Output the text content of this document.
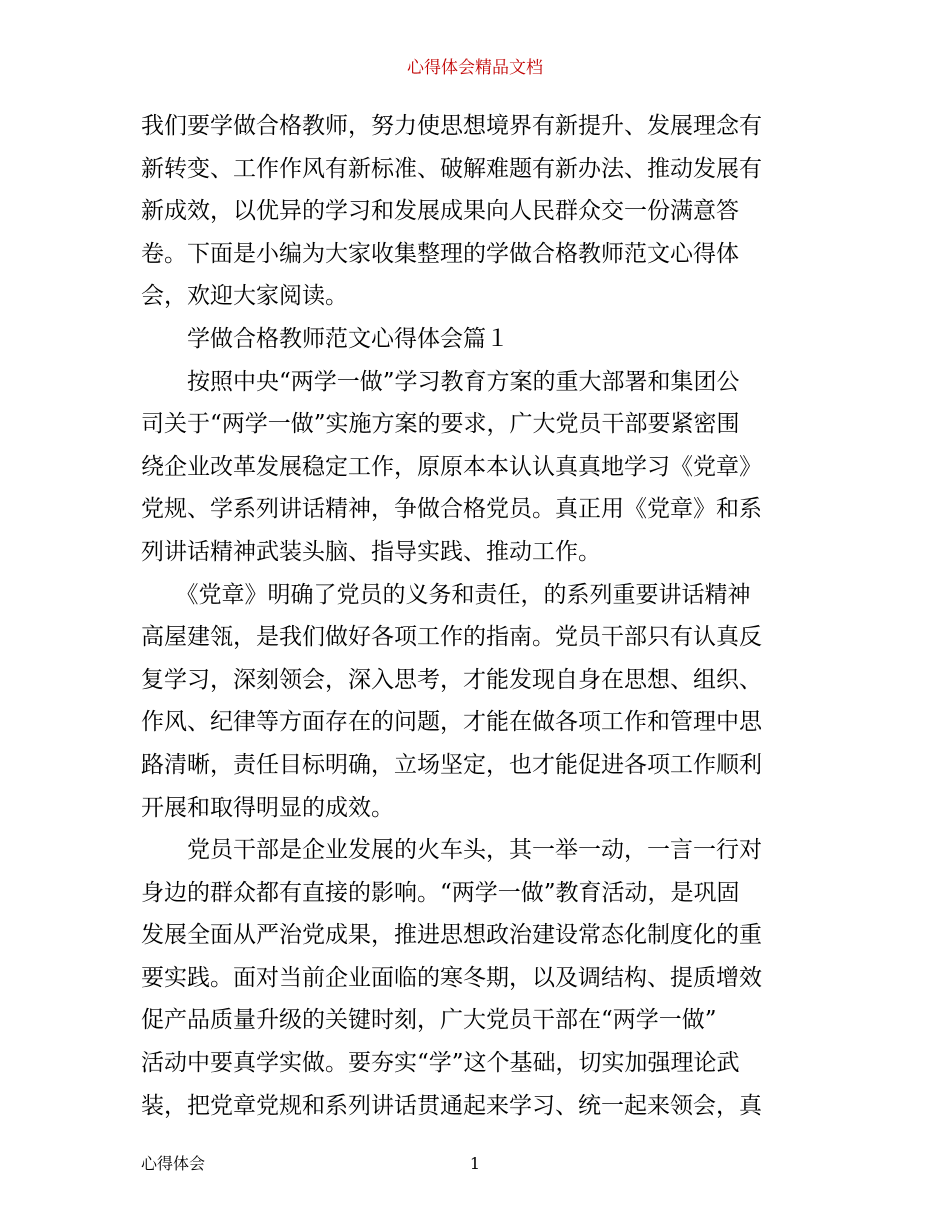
心得体会精品文档
我们要学做合格教师，努力使思想境界有新提升、发展理念有
新转变、工作作风有新标准、破解难题有新办法、推动发展有
新成效，以优异的学习和发展成果向人民群众交一份满意答
卷。下面是小编为大家收集整理的学做合格教师范文心得体
会，欢迎大家阅读。
　　学做合格教师范文心得体会篇１
　　按照中央“两学一做”学习教育方案的重大部署和集团公
司关于“两学一做”实施方案的要求，广大党员干部要紧密围
绕企业改革发展稳定工作，原原本本认认真真地学习《党章》
党规、学系列讲话精神，争做合格党员。真正用《党章》和系
列讲话精神武装头脑、指导实践、推动工作。
　　《党章》明确了党员的义务和责任，的系列重要讲话精神
高屋建瓴，是我们做好各项工作的指南。党员干部只有认真反
复学习，深刻领会，深入思考，才能发现自身在思想、组织、
作风、纪律等方面存在的问题，才能在做各项工作和管理中思
路清晰，责任目标明确，立场坚定，也才能促进各项工作顺利
开展和取得明显的成效。
　　党员干部是企业发展的火车头，其一举一动，一言一行对
身边的群众都有直接的影响。“两学一做”教育活动，是巩固
发展全面从严治党成果，推进思想政治建设常态化制度化的重
要实践。面对当前企业面临的寒冬期，以及调结构、提质增效
促产品质量升级的关键时刻，广大党员干部在“两学一做”
活动中要真学实做。要夯实“学”这个基础，切实加强理论武
装，把党章党规和系列讲话贯通起来学习、统一起来领会，真
心得体会	1
